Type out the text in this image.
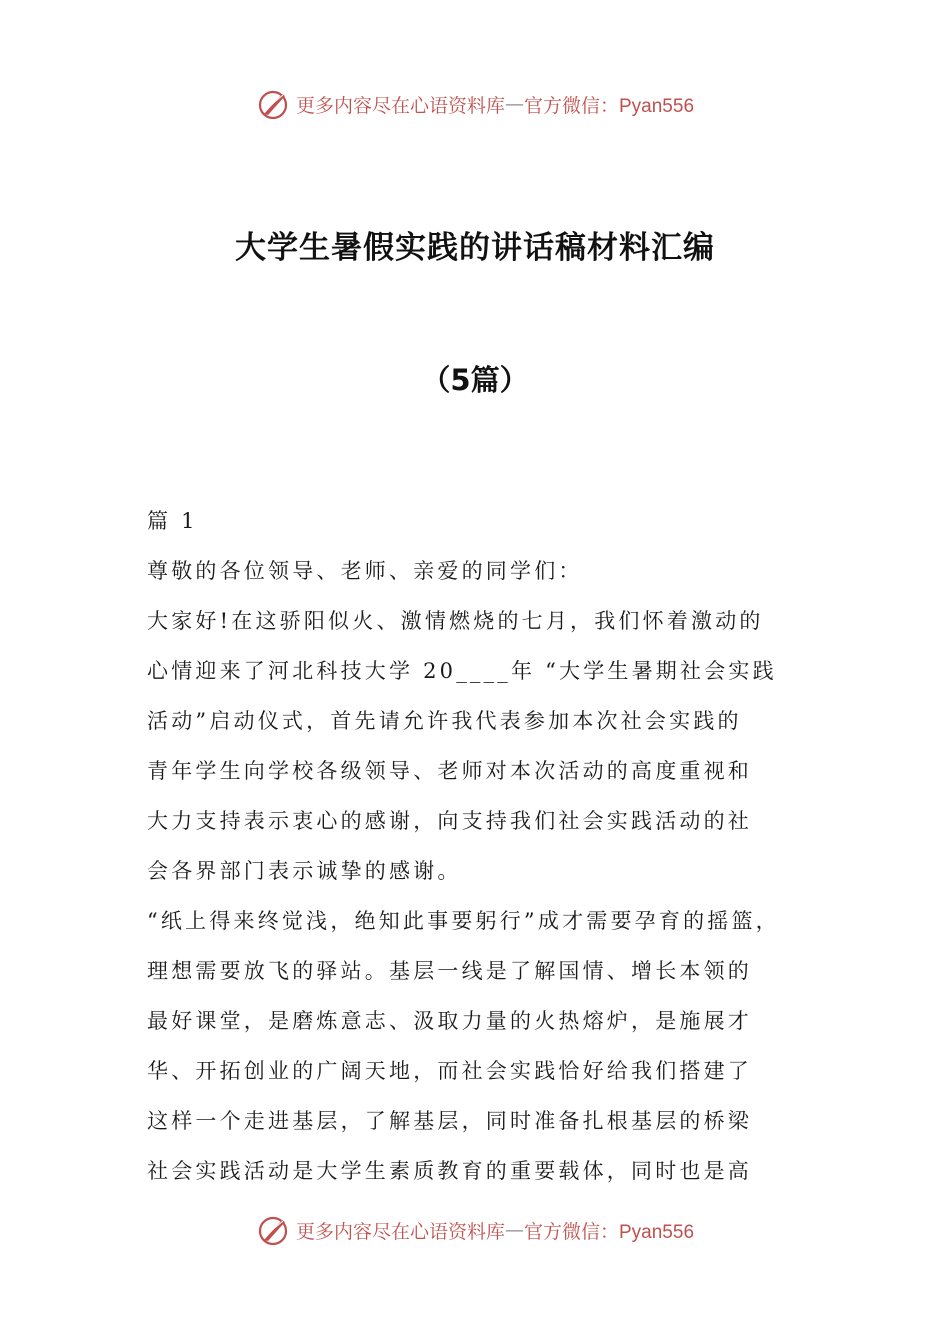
更多内容尽在心语资料库 — 官方微信：Pyan556
大学生暑假实践的讲话稿材料汇编
（5篇）
篇 1
尊敬的各位领导、老师、亲爱的同学们：
大家好!在这骄阳似火、激情燃烧的七月，我们怀着激动的
心情迎来了河北科技大学 20____年 “大学生暑期社会实践
活动”启动仪式，首先请允许我代表参加本次社会实践的
青年学生向学校各级领导、老师对本次活动的高度重视和
大力支持表示衷心的感谢，向支持我们社会实践活动的社
会各界部门表示诚挚的感谢。
“纸上得来终觉浅，绝知此事要躬行”成才需要孕育的摇篮，
理想需要放飞的驿站。基层一线是了解国情、增长本领的
最好课堂，是磨炼意志、汲取力量的火热熔炉，是施展才
华、开拓创业的广阔天地，而社会实践恰好给我们搭建了
这样一个走进基层，了解基层，同时准备扎根基层的桥梁
社会实践活动是大学生素质教育的重要载体，同时也是高
更多内容尽在心语资料库 — 官方微信：Pyan556
